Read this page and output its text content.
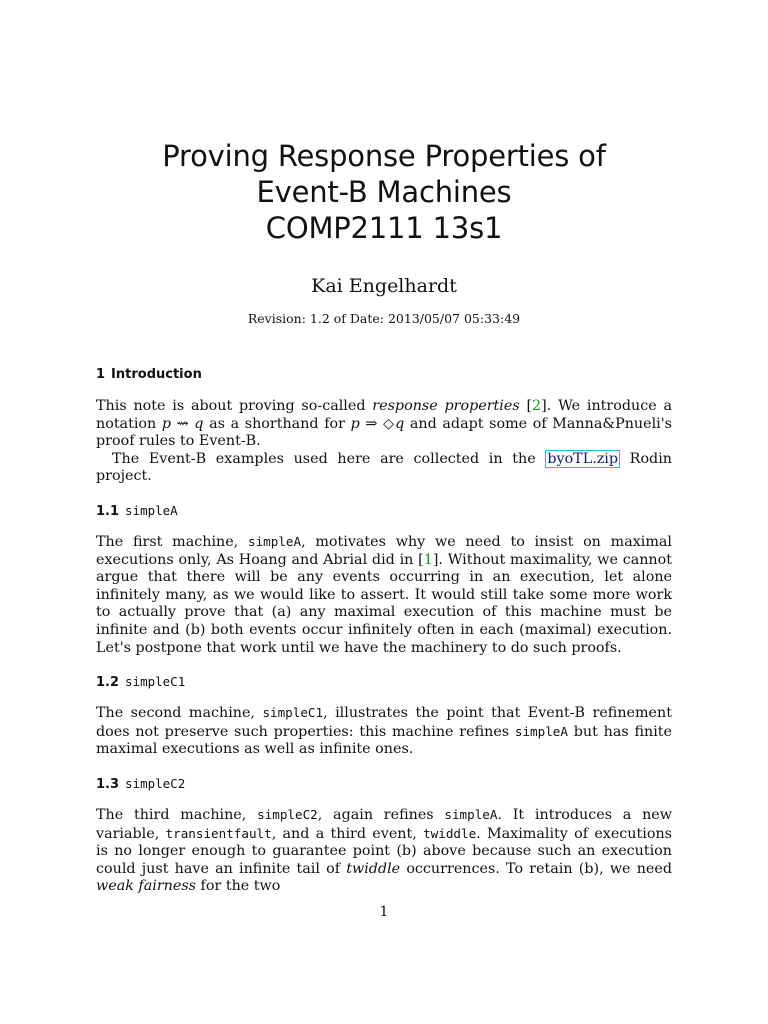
Proving Response Properties of
Event-B Machines
COMP2111 13s1
Kai Engelhardt
Revision: 1.2 of Date: 2013/05/07 05:33:49
1 Introduction

This note is about proving so-called response properties [2]. We introduce a notation p ⇝ q as a shorthand for p ⇒ ◇q and adapt some of Manna&Pnueli's proof rules to Event-B.

The Event-B examples used here are collected in the byoTL.zip Rodin project.

1.1 simpleA

The first machine, simpleA, motivates why we need to insist on maximal executions only, As Hoang and Abrial did in [1]. Without maximality, we cannot argue that there will be any events occurring in an execution, let alone infinitely many, as we would like to assert. It would still take some more work to actually prove that (a) any maximal execution of this machine must be infinite and (b) both events occur infinitely often in each (maximal) execution. Let's postpone that work until we have the machinery to do such proofs.

1.2 simpleC1

The second machine, simpleC1, illustrates the point that Event-B refinement does not preserve such properties: this machine refines simpleA but has finite maximal executions as well as infinite ones.

1.3 simpleC2

The third machine, simpleC2, again refines simpleA. It introduces a new variable, transientfault, and a third event, twiddle. Maximality of executions is no longer enough to guarantee point (b) above because such an execution could just have an infinite tail of twiddle occurrences. To retain (b), we need weak fairness for the two

1
